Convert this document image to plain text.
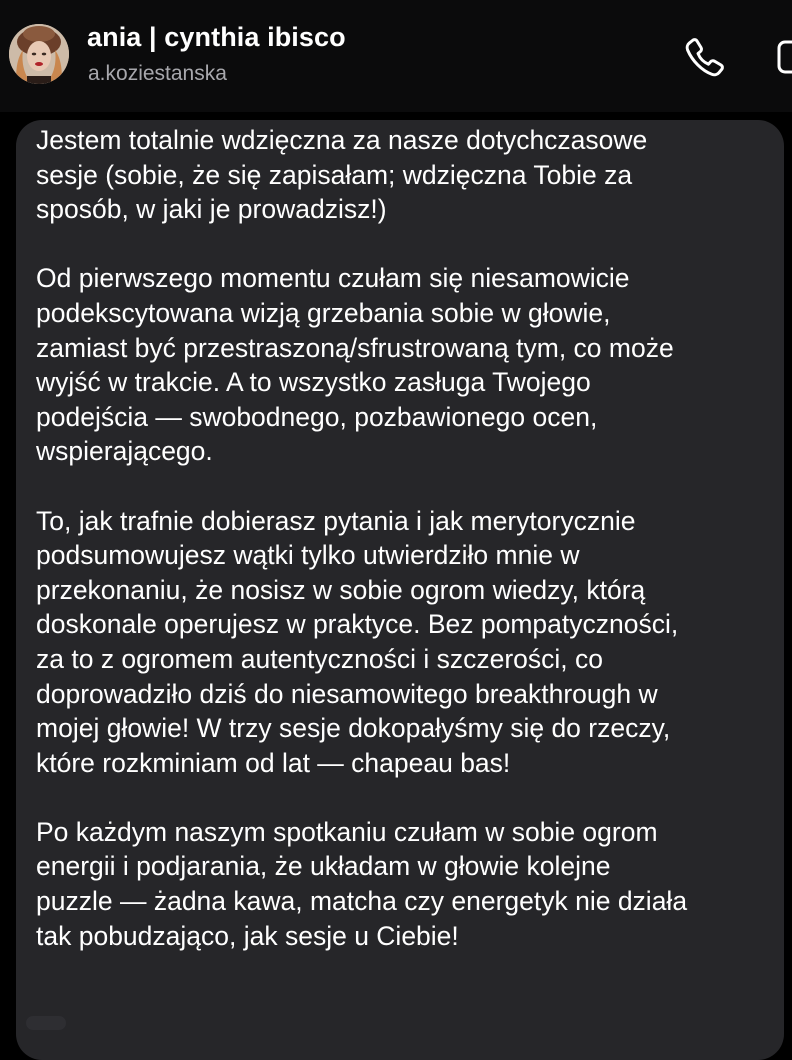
ania | cynthia ibisco
a.koziestanska

Jestem totalnie wdzięczna za nasze dotychczasowe
sesje (sobie, że się zapisałam; wdzięczna Tobie za
sposób, w jaki je prowadzisz!)

Od pierwszego momentu czułam się niesamowicie
podekscytowana wizją grzebania sobie w głowie,
zamiast być przestraszoną/sfrustrowaną tym, co może
wyjść w trakcie. A to wszystko zasługa Twojego
podejścia — swobodnego, pozbawionego ocen,
wspierającego.

To, jak trafnie dobierasz pytania i jak merytorycznie
podsumowujesz wątki tylko utwierdziło mnie w
przekonaniu, że nosisz w sobie ogrom wiedzy, którą
doskonale operujesz w praktyce. Bez pompatyczności,
za to z ogromem autentyczności i szczerości, co
doprowadziło dziś do niesamowitego breakthrough w
mojej głowie! W trzy sesje dokopałyśmy się do rzeczy,
które rozkminiam od lat — chapeau bas!

Po każdym naszym spotkaniu czułam w sobie ogrom
energii i podjarania, że układam w głowie kolejne
puzzle — żadna kawa, matcha czy energetyk nie działa
tak pobudzająco, jak sesje u Ciebie!
